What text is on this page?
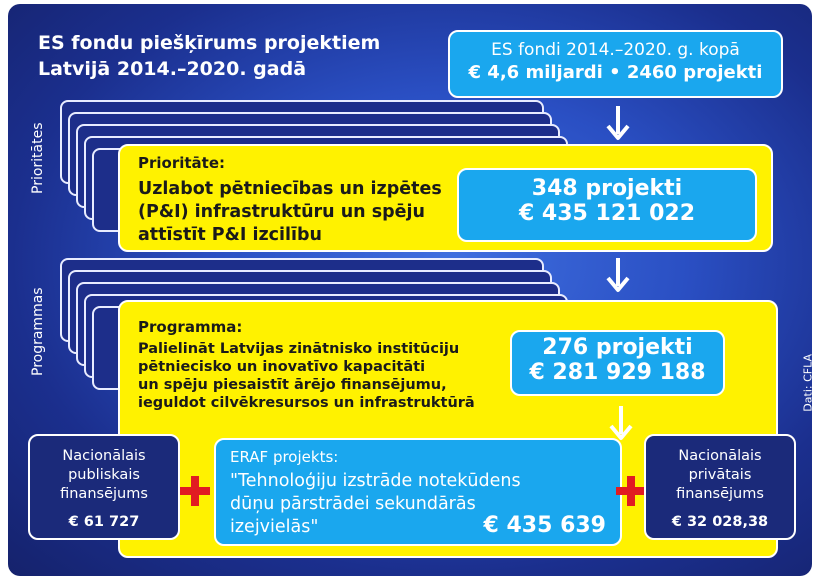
ES fondu piešķīrums projektiem
Latvijā 2014.–2020. gadā
ES fondi 2014.–2020. g. kopā
€ 4,6 miljardi • 2460 projekti
Prioritātes	Prioritāte:
Uzlabot pētniecības un izpētes
(P&I) infrastruktūru un spēju
attīstīt P&I izcilību
348 projekti
€ 435 121 022
Programmas	Programma:
Palielināt Latvijas zinātnisko institūciju
pētniecisko un inovatīvo kapacitāti
un spēju piesaistīt ārējo finansējumu,
ieguldot cilvēkresursos un infrastruktūrā
276 projekti
€ 281 929 188
ERAF projekts:
"Tehnoloģiju izstrāde notekūdens
dūņu pārstrādei sekundārās
izejvielās"	€ 435 639
Nacionālais
publiskais
finansējums
€ 61 727
Nacionālais
privātais
finansējums
€ 32 028,38
Dati: CFLA
